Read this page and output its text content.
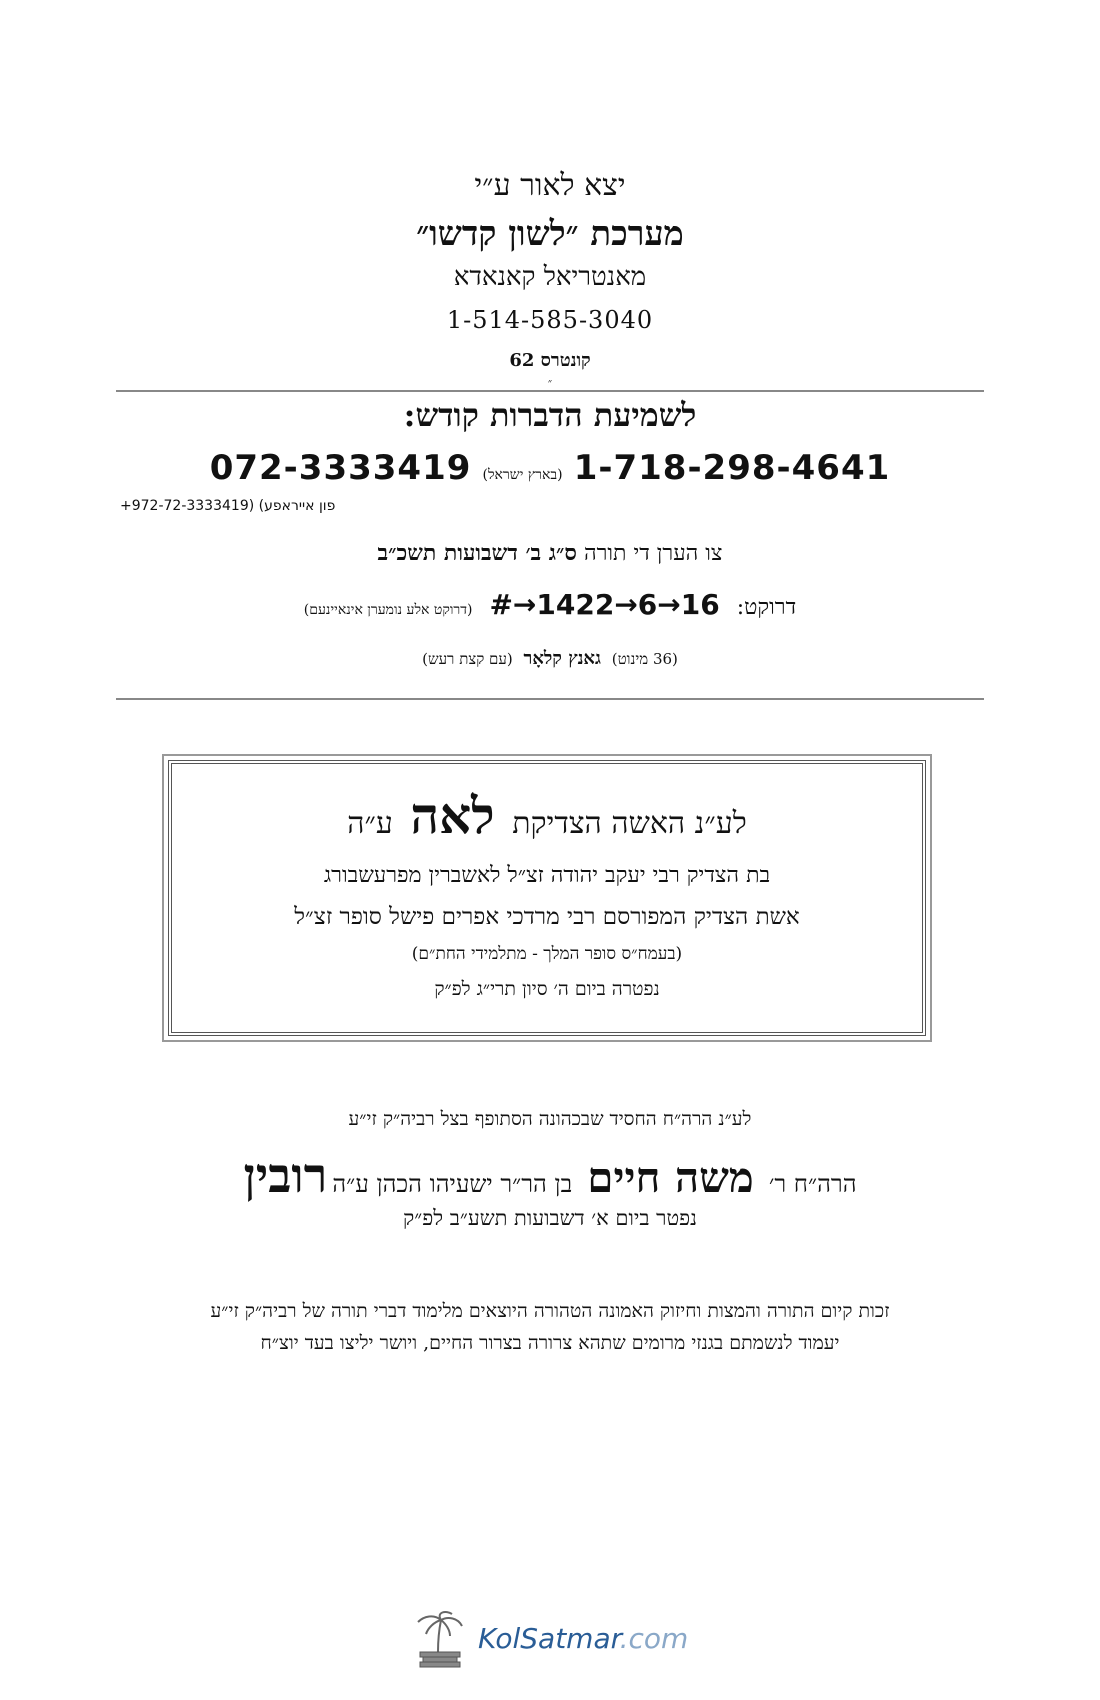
יצא לאור ע״י
מערכת ״לשון קדשו״
מאנטריאל קאנאדא
1-514-585-3040
קונטרס 62
״
לשמיעת הדברות קודש:
072-3333419 (בארץ ישראל) 1-718-298-4641
+972-72-3333419) (פון אייראפע
צו הערן די תורה ס״ג ב׳ דשבועות תשכ״ב
דרוקט: #→1422→6→16 (דרוקט אלע נומערן אינאיינעם)
(36 מינוט) גאנץ קלאָר (עם קצת רעש)
לע״נ האשה הצדיקת לאה ע״ה
בת הצדיק רבי יעקב יהודה זצ״ל לאשברין מפרעשבורג
אשת הצדיק המפורסם רבי מרדכי אפרים פישל סופר זצ״ל
(בעמח״ס סופר המלך - מתלמידי החת״ם)
נפטרה ביום ה׳ סיון תרי״ג לפ״ק
לע״נ הרה״ח החסיד שבכהונה הסתופף בצל רביה״ק זי״ע
הרה״ח ר׳ משה חיים בן הר״ר ישעיהו הכהן ע״ה רובין
נפטר ביום א׳ דשבועות תשע״ב לפ״ק
זכות קיום התורה והמצות וחיזוק האמונה הטהורה היוצאים מלימוד דברי תורה של רביה״ק זי״ע
יעמוד לנשמתם בגנזי מרומים שתהא צרורה בצרור החיים, ויושר יליצו בעד יוצ״ח
KolSatmar.com
